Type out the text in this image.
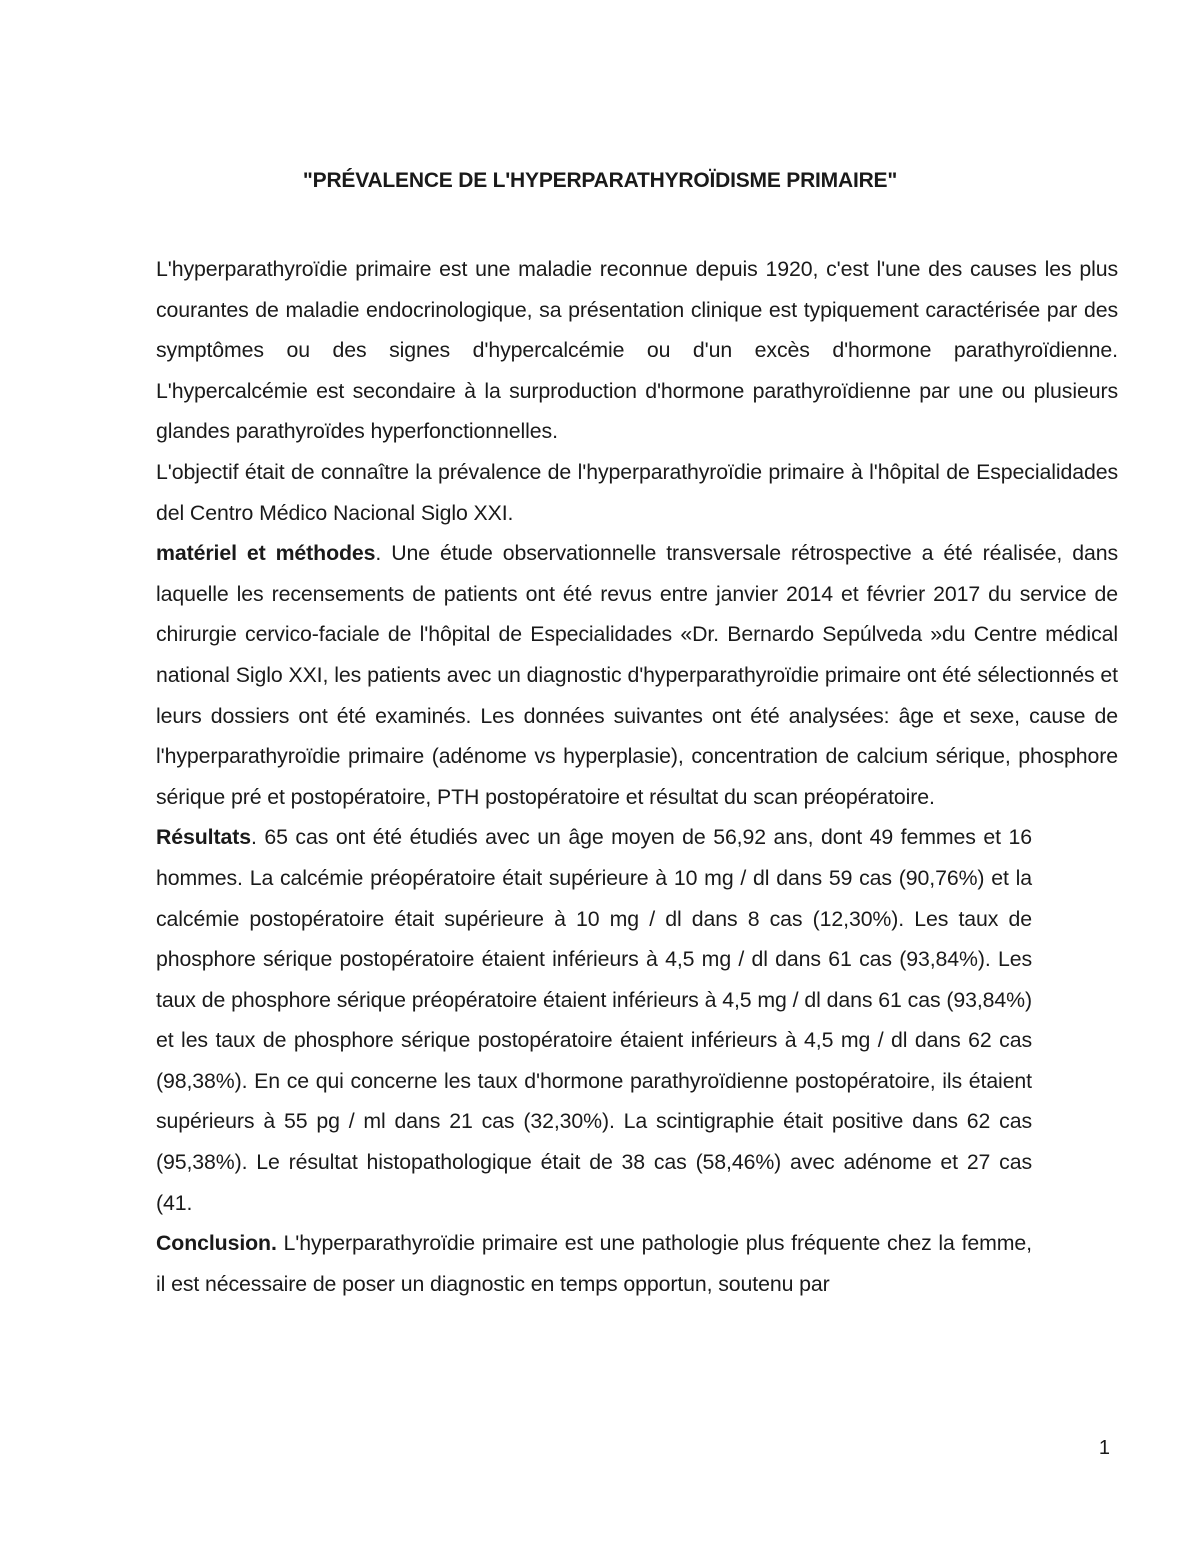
"PRÉVALENCE DE L'HYPERPARATHYROÏDISME PRIMAIRE"

L'hyperparathyroïdie primaire est une maladie reconnue depuis 1920, c'est l'une des causes les plus courantes de maladie endocrinologique, sa présentation clinique est typiquement caractérisée par des symptômes ou des signes d'hypercalcémie ou d'un excès d'hormone parathyroïdienne. L'hypercalcémie est secondaire à la surproduction d'hormone parathyroïdienne par une ou plusieurs glandes parathyroïdes hyperfonctionnelles.

L'objectif était de connaître la prévalence de l'hyperparathyroïdie primaire à l'hôpital de Especialidades del Centro Médico Nacional Siglo XXI.

matériel et méthodes. Une étude observationnelle transversale rétrospective a été réalisée, dans laquelle les recensements de patients ont été revus entre janvier 2014 et février 2017 du service de chirurgie cervico-faciale de l'hôpital de Especialidades «Dr. Bernardo Sepúlveda »du Centre médical national Siglo XXI, les patients avec un diagnostic d'hyperparathyroïdie primaire ont été sélectionnés et leurs dossiers ont été examinés. Les données suivantes ont été analysées: âge et sexe, cause de l'hyperparathyroïdie primaire (adénome vs hyperplasie), concentration de calcium sérique, phosphore sérique pré et postopératoire, PTH postopératoire et résultat du scan préopératoire.

Résultats. 65 cas ont été étudiés avec un âge moyen de 56,92 ans, dont 49 femmes et 16 hommes. La calcémie préopératoire était supérieure à 10 mg / dl dans 59 cas (90,76%) et la calcémie postopératoire était supérieure à 10 mg / dl dans 8 cas (12,30%). Les taux de phosphore sérique postopératoire étaient inférieurs à 4,5 mg / dl dans 61 cas (93,84%). Les taux de phosphore sérique préopératoire étaient inférieurs à 4,5 mg / dl dans 61 cas (93,84%) et les taux de phosphore sérique postopératoire étaient inférieurs à 4,5 mg / dl dans 62 cas (98,38%). En ce qui concerne les taux d'hormone parathyroïdienne postopératoire, ils étaient supérieurs à 55 pg / ml dans 21 cas (32,30%). La scintigraphie était positive dans 62 cas (95,38%). Le résultat histopathologique était de 38 cas (58,46%) avec adénome et 27 cas (41.

Conclusion. L'hyperparathyroïdie primaire est une pathologie plus fréquente chez la femme, il est nécessaire de poser un diagnostic en temps opportun, soutenu par

1
